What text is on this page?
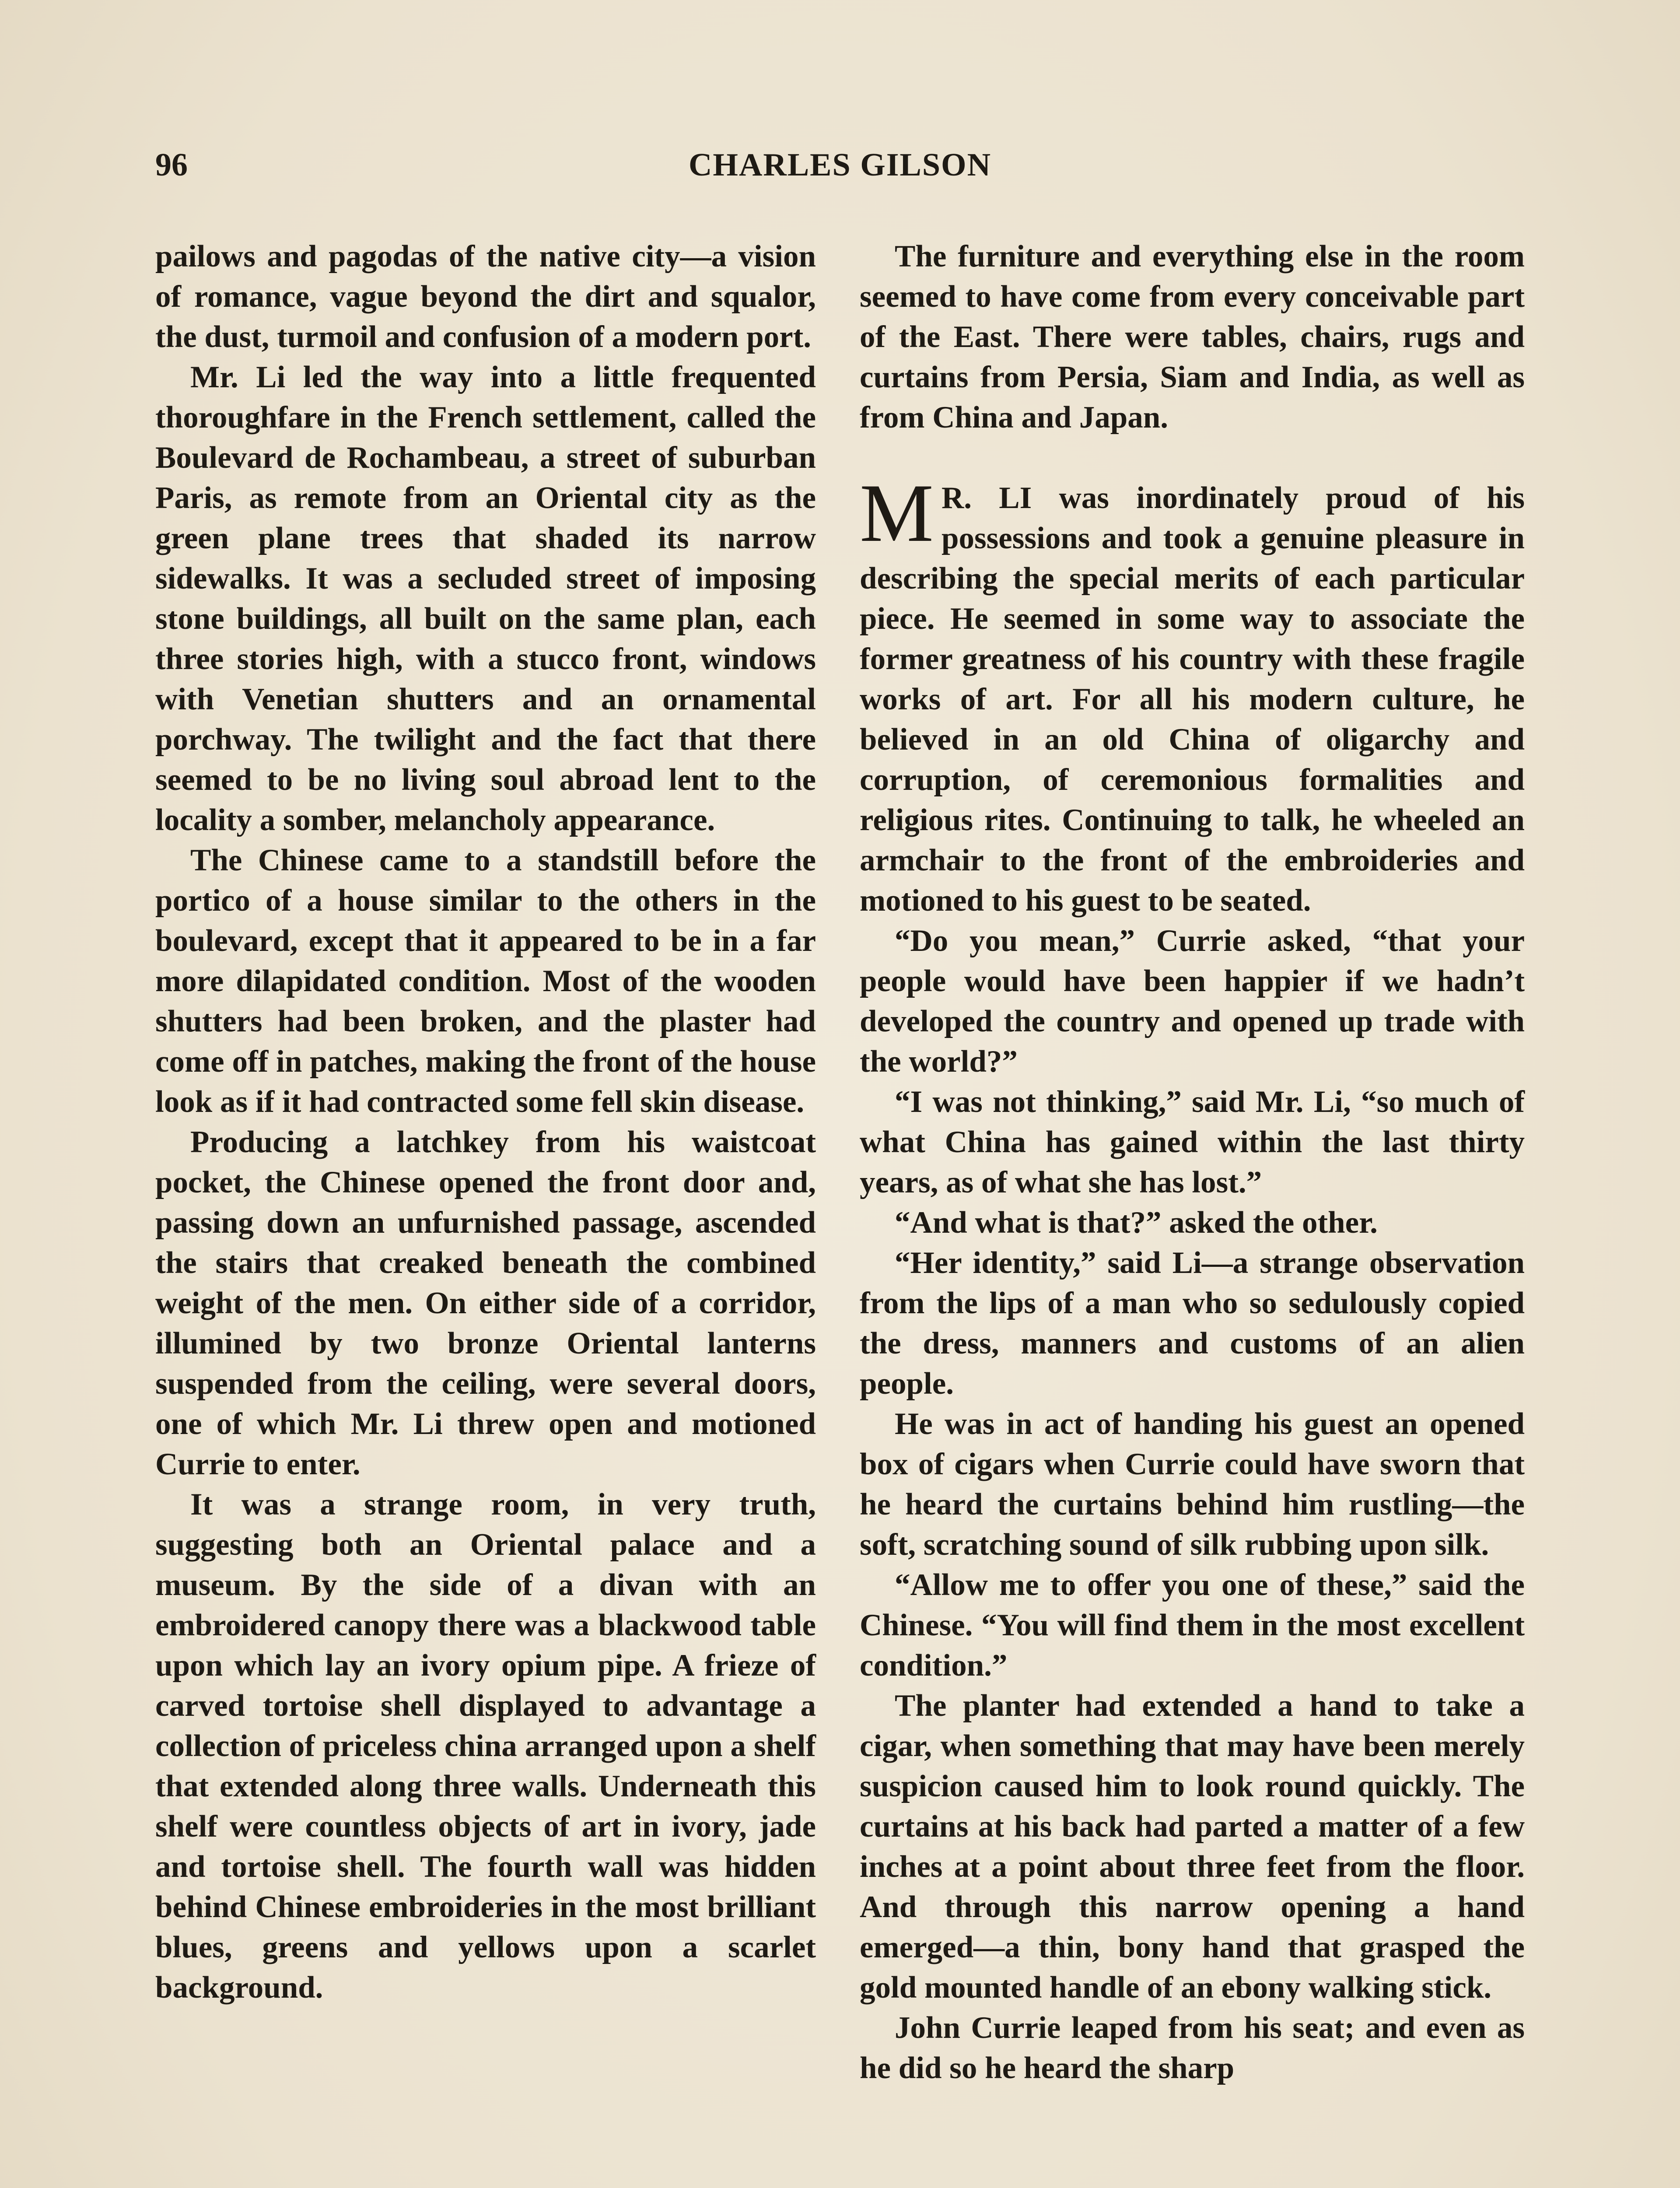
96	CHARLES GILSON

pailows and pagodas of the native city—a vision of romance, vague beyond the dirt and squalor, the dust, turmoil and confusion of a modern port.

Mr. Li led the way into a little frequented thoroughfare in the French settlement, called the Boulevard de Rochambeau, a street of suburban Paris, as remote from an Oriental city as the green plane trees that shaded its narrow sidewalks. It was a secluded street of imposing stone buildings, all built on the same plan, each three stories high, with a stucco front, windows with Venetian shutters and an ornamental porchway. The twilight and the fact that there seemed to be no living soul abroad lent to the locality a somber, melancholy appearance.

The Chinese came to a standstill before the portico of a house similar to the others in the boulevard, except that it appeared to be in a far more dilapidated condition. Most of the wooden shutters had been broken, and the plaster had come off in patches, making the front of the house look as if it had contracted some fell skin disease.

Producing a latchkey from his waistcoat pocket, the Chinese opened the front door and, passing down an unfurnished passage, ascended the stairs that creaked beneath the combined weight of the men. On either side of a corridor, illumined by two bronze Oriental lanterns suspended from the ceiling, were several doors, one of which Mr. Li threw open and motioned Currie to enter.

It was a strange room, in very truth, suggesting both an Oriental palace and a museum. By the side of a divan with an embroidered canopy there was a blackwood table upon which lay an ivory opium pipe. A frieze of carved tortoise shell displayed to advantage a collection of priceless china arranged upon a shelf that extended along three walls. Underneath this shelf were countless objects of art in ivory, jade and tortoise shell. The fourth wall was hidden behind Chinese embroideries in the most brilliant blues, greens and yellows upon a scarlet background.

The furniture and everything else in the room seemed to have come from every conceivable part of the East. There were tables, chairs, rugs and curtains from Persia, Siam and India, as well as from China and Japan.

M R. LI was inordinately proud of his possessions and took a genuine pleasure in describing the special merits of each particular piece. He seemed in some way to associate the former greatness of his country with these fragile works of art. For all his modern culture, he believed in an old China of oligarchy and corruption, of ceremonious formalities and religious rites. Continuing to talk, he wheeled an armchair to the front of the embroideries and motioned to his guest to be seated.

“Do you mean,” Currie asked, “that your people would have been happier if we hadn’t developed the country and opened up trade with the world?”

“I was not thinking,” said Mr. Li, “so much of what China has gained within the last thirty years, as of what she has lost.”

“And what is that?” asked the other.

“Her identity,” said Li—a strange observation from the lips of a man who so sedulously copied the dress, manners and customs of an alien people.

He was in act of handing his guest an opened box of cigars when Currie could have sworn that he heard the curtains behind him rustling—the soft, scratching sound of silk rubbing upon silk.

“Allow me to offer you one of these,” said the Chinese. “You will find them in the most excellent condition.”

The planter had extended a hand to take a cigar, when something that may have been merely suspicion caused him to look round quickly. The curtains at his back had parted a matter of a few inches at a point about three feet from the floor. And through this narrow opening a hand emerged—a thin, bony hand that grasped the gold mounted handle of an ebony walking stick.

John Currie leaped from his seat; and even as he did so he heard the sharp
